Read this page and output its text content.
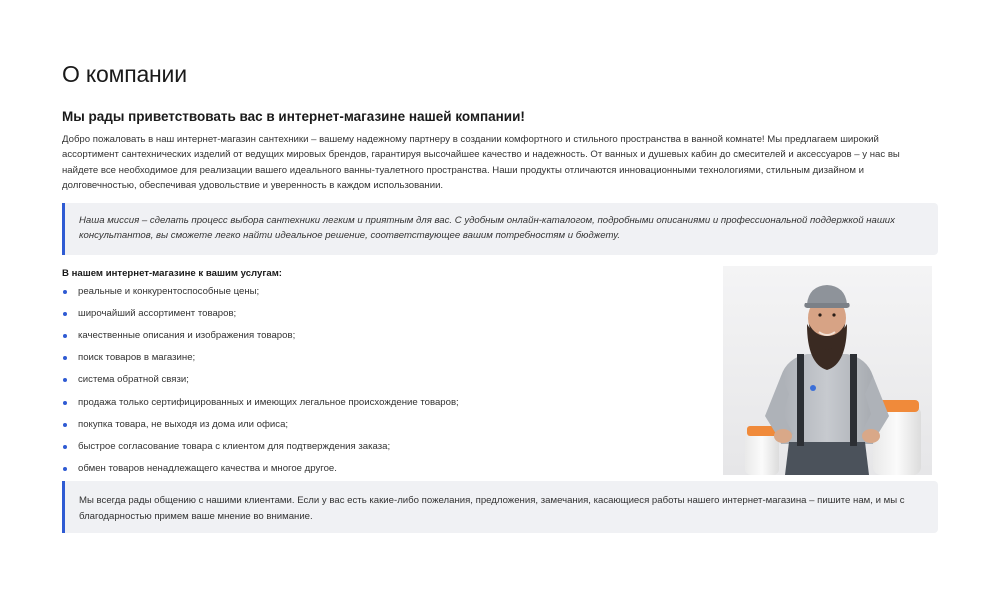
О компании
Мы рады приветствовать вас в интернет-магазине нашей компании!

Добро пожаловать в наш интернет-магазин сантехники – вашему надежному партнеру в создании комфортного и стильного пространства в ванной комнате! Мы предлагаем широкий ассортимент сантехнических изделий от ведущих мировых брендов, гарантируя высочайшее качество и надежность. От ванных и душевых кабин до смесителей и аксессуаров – у нас вы найдете все необходимое для реализации вашего идеального ванны-туалетного пространства. Наши продукты отличаются инновационными технологиями, стильным дизайном и долговечностью, обеспечивая удовольствие и уверенность в каждом использовании.

Наша миссия – сделать процесс выбора сантехники легким и приятным для вас. С удобным онлайн-каталогом, подробными описаниями и профессиональной поддержкой наших консультантов, вы сможете легко найти идеальное решение, соответствующее вашим потребностям и бюджету.

В нашем интернет-магазине к вашим услугам:

реальные и конкурентоспособные цены;
широчайший ассортимент товаров;
качественные описания и изображения товаров;
поиск товаров в магазине;
система обратной связи;
продажа только сертифицированных и имеющих легальное происхождение товаров;
покупка товара, не выходя из дома или офиса;
быстрое согласование товара с клиентом для подтверждения заказа;
обмен товаров ненадлежащего качества и многое другое.
Мы всегда рады общению с нашими клиентами. Если у вас есть какие-либо пожелания, предложения, замечания, касающиеся работы нашего интернет-магазина – пишите нам, и мы с благодарностью примем ваше мнение во внимание.
